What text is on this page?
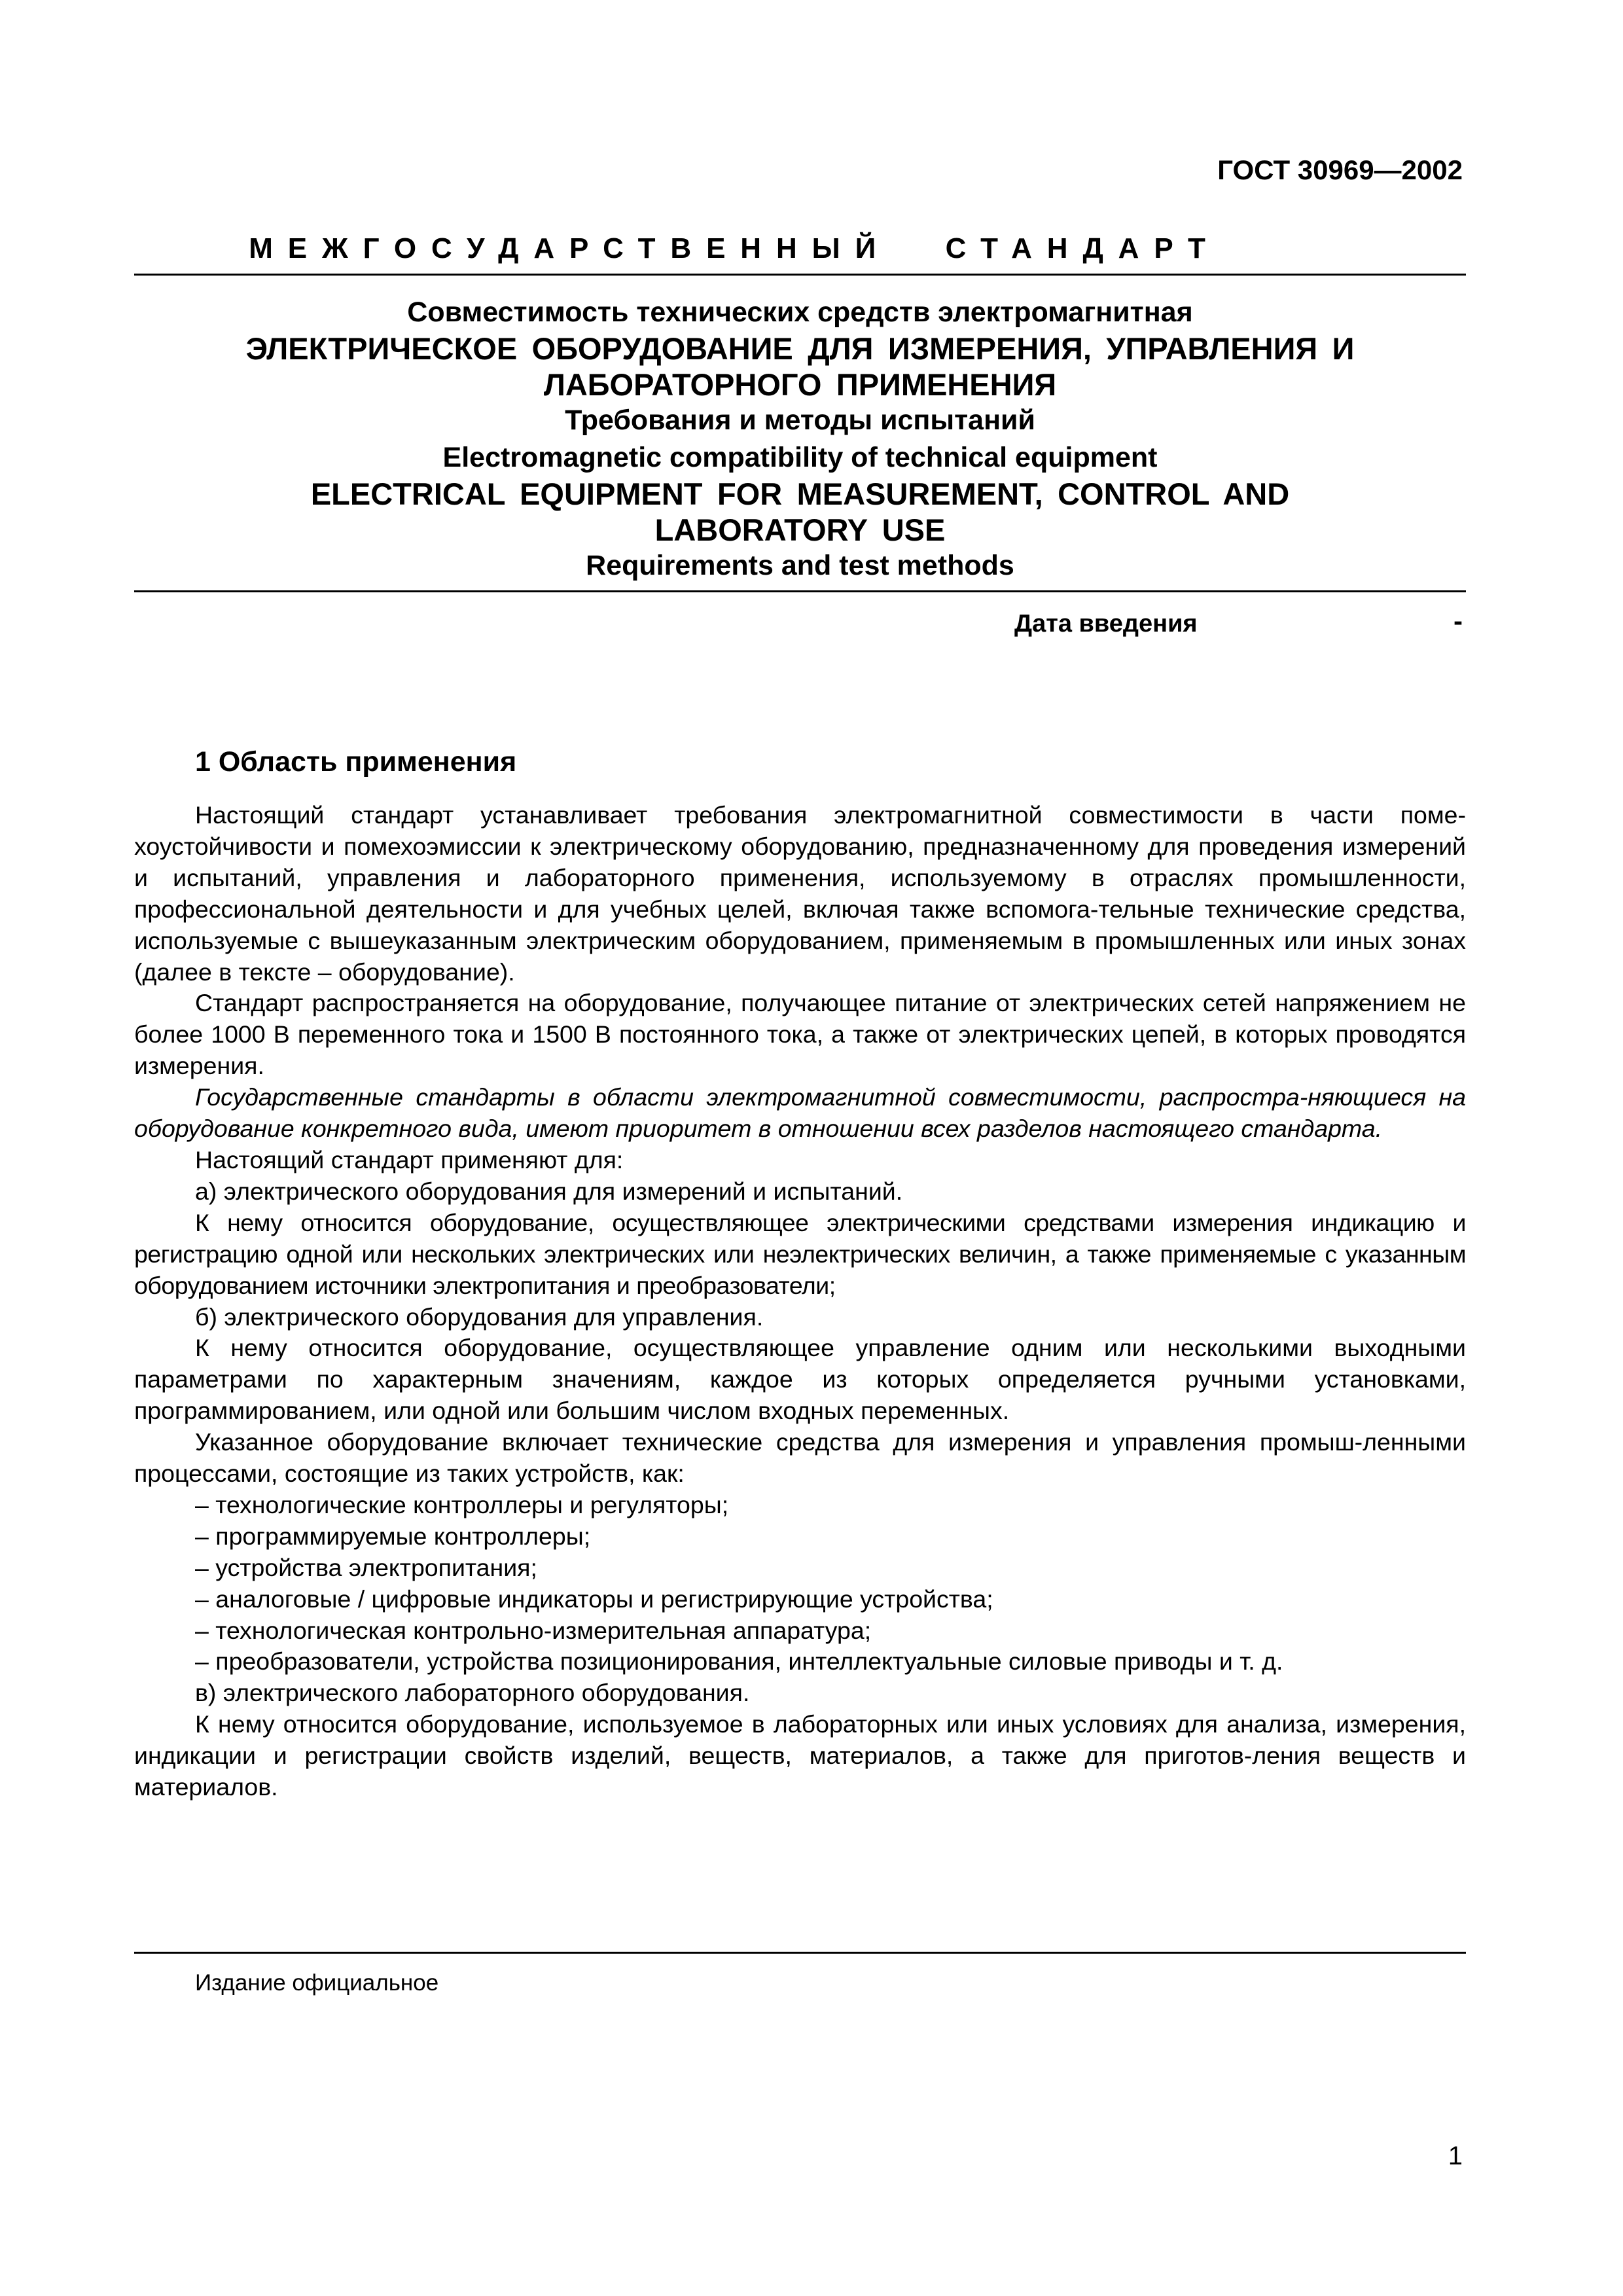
ГОСТ 30969—2002
МЕЖГОСУДАРСТВЕННЫЙ СТАНДАРТ
Совместимость технических средств электромагнитная
ЭЛЕКТРИЧЕСКОЕ ОБОРУДОВАНИЕ ДЛЯ ИЗМЕРЕНИЯ, УПРАВЛЕНИЯ И
ЛАБОРАТОРНОГО ПРИМЕНЕНИЯ
Требования и методы испытаний
Electromagnetic compatibility of technical equipment
ELECTRICAL EQUIPMENT FOR MEASUREMENT, CONTROL AND
LABORATORY USE
Requirements and test methods
Дата введения	-
1 Область применения

Настоящий стандарт устанавливает требования электромагнитной совместимости в части поме-хоустойчивости и помехоэмиссии к электрическому оборудованию, предназначенному для проведения измерений и испытаний, управления и лабораторного применения, используемому в отраслях промышленности, профессиональной деятельности и для учебных целей, включая также вспомога-тельные технические средства, используемые с вышеуказанным электрическим оборудованием, применяемым в промышленных или иных зонах (далее в тексте – оборудование).

Стандарт распространяется на оборудование, получающее питание от электрических сетей напряжением не более 1000 В переменного тока и 1500 В постоянного тока, а также от электрических цепей, в которых проводятся измерения.

Государственные стандарты в области электромагнитной совместимости, распростра-няющиеся на оборудование конкретного вида, имеют приоритет в отношении всех разделов настоящего стандарта.

Настоящий стандарт применяют для:

а) электрического оборудования для измерений и испытаний.

К нему относится оборудование, осуществляющее электрическими средствами измерения индикацию и регистрацию одной или нескольких электрических или неэлектрических величин, а также применяемые с указанным оборудованием источники электропитания и преобразователи;

б) электрического оборудования для управления.

К нему относится оборудование, осуществляющее управление одним или несколькими выходными параметрами по характерным значениям, каждое из которых определяется ручными установками, программированием, или одной или большим числом входных переменных.

Указанное оборудование включает технические средства для измерения и управления промыш-ленными процессами, состоящие из таких устройств, как:

– технологические контроллеры и регуляторы;

– программируемые контроллеры;

– устройства электропитания;

– аналоговые / цифровые индикаторы и регистрирующие устройства;

– технологическая контрольно-измерительная аппаратура;

– преобразователи, устройства позиционирования, интеллектуальные силовые приводы и т. д.

в) электрического лабораторного оборудования.

К нему относится оборудование, используемое в лабораторных или иных условиях для анализа, измерения, индикации и регистрации свойств изделий, веществ, материалов, а также для приготов-ления веществ и материалов.

Издание официальное
1
